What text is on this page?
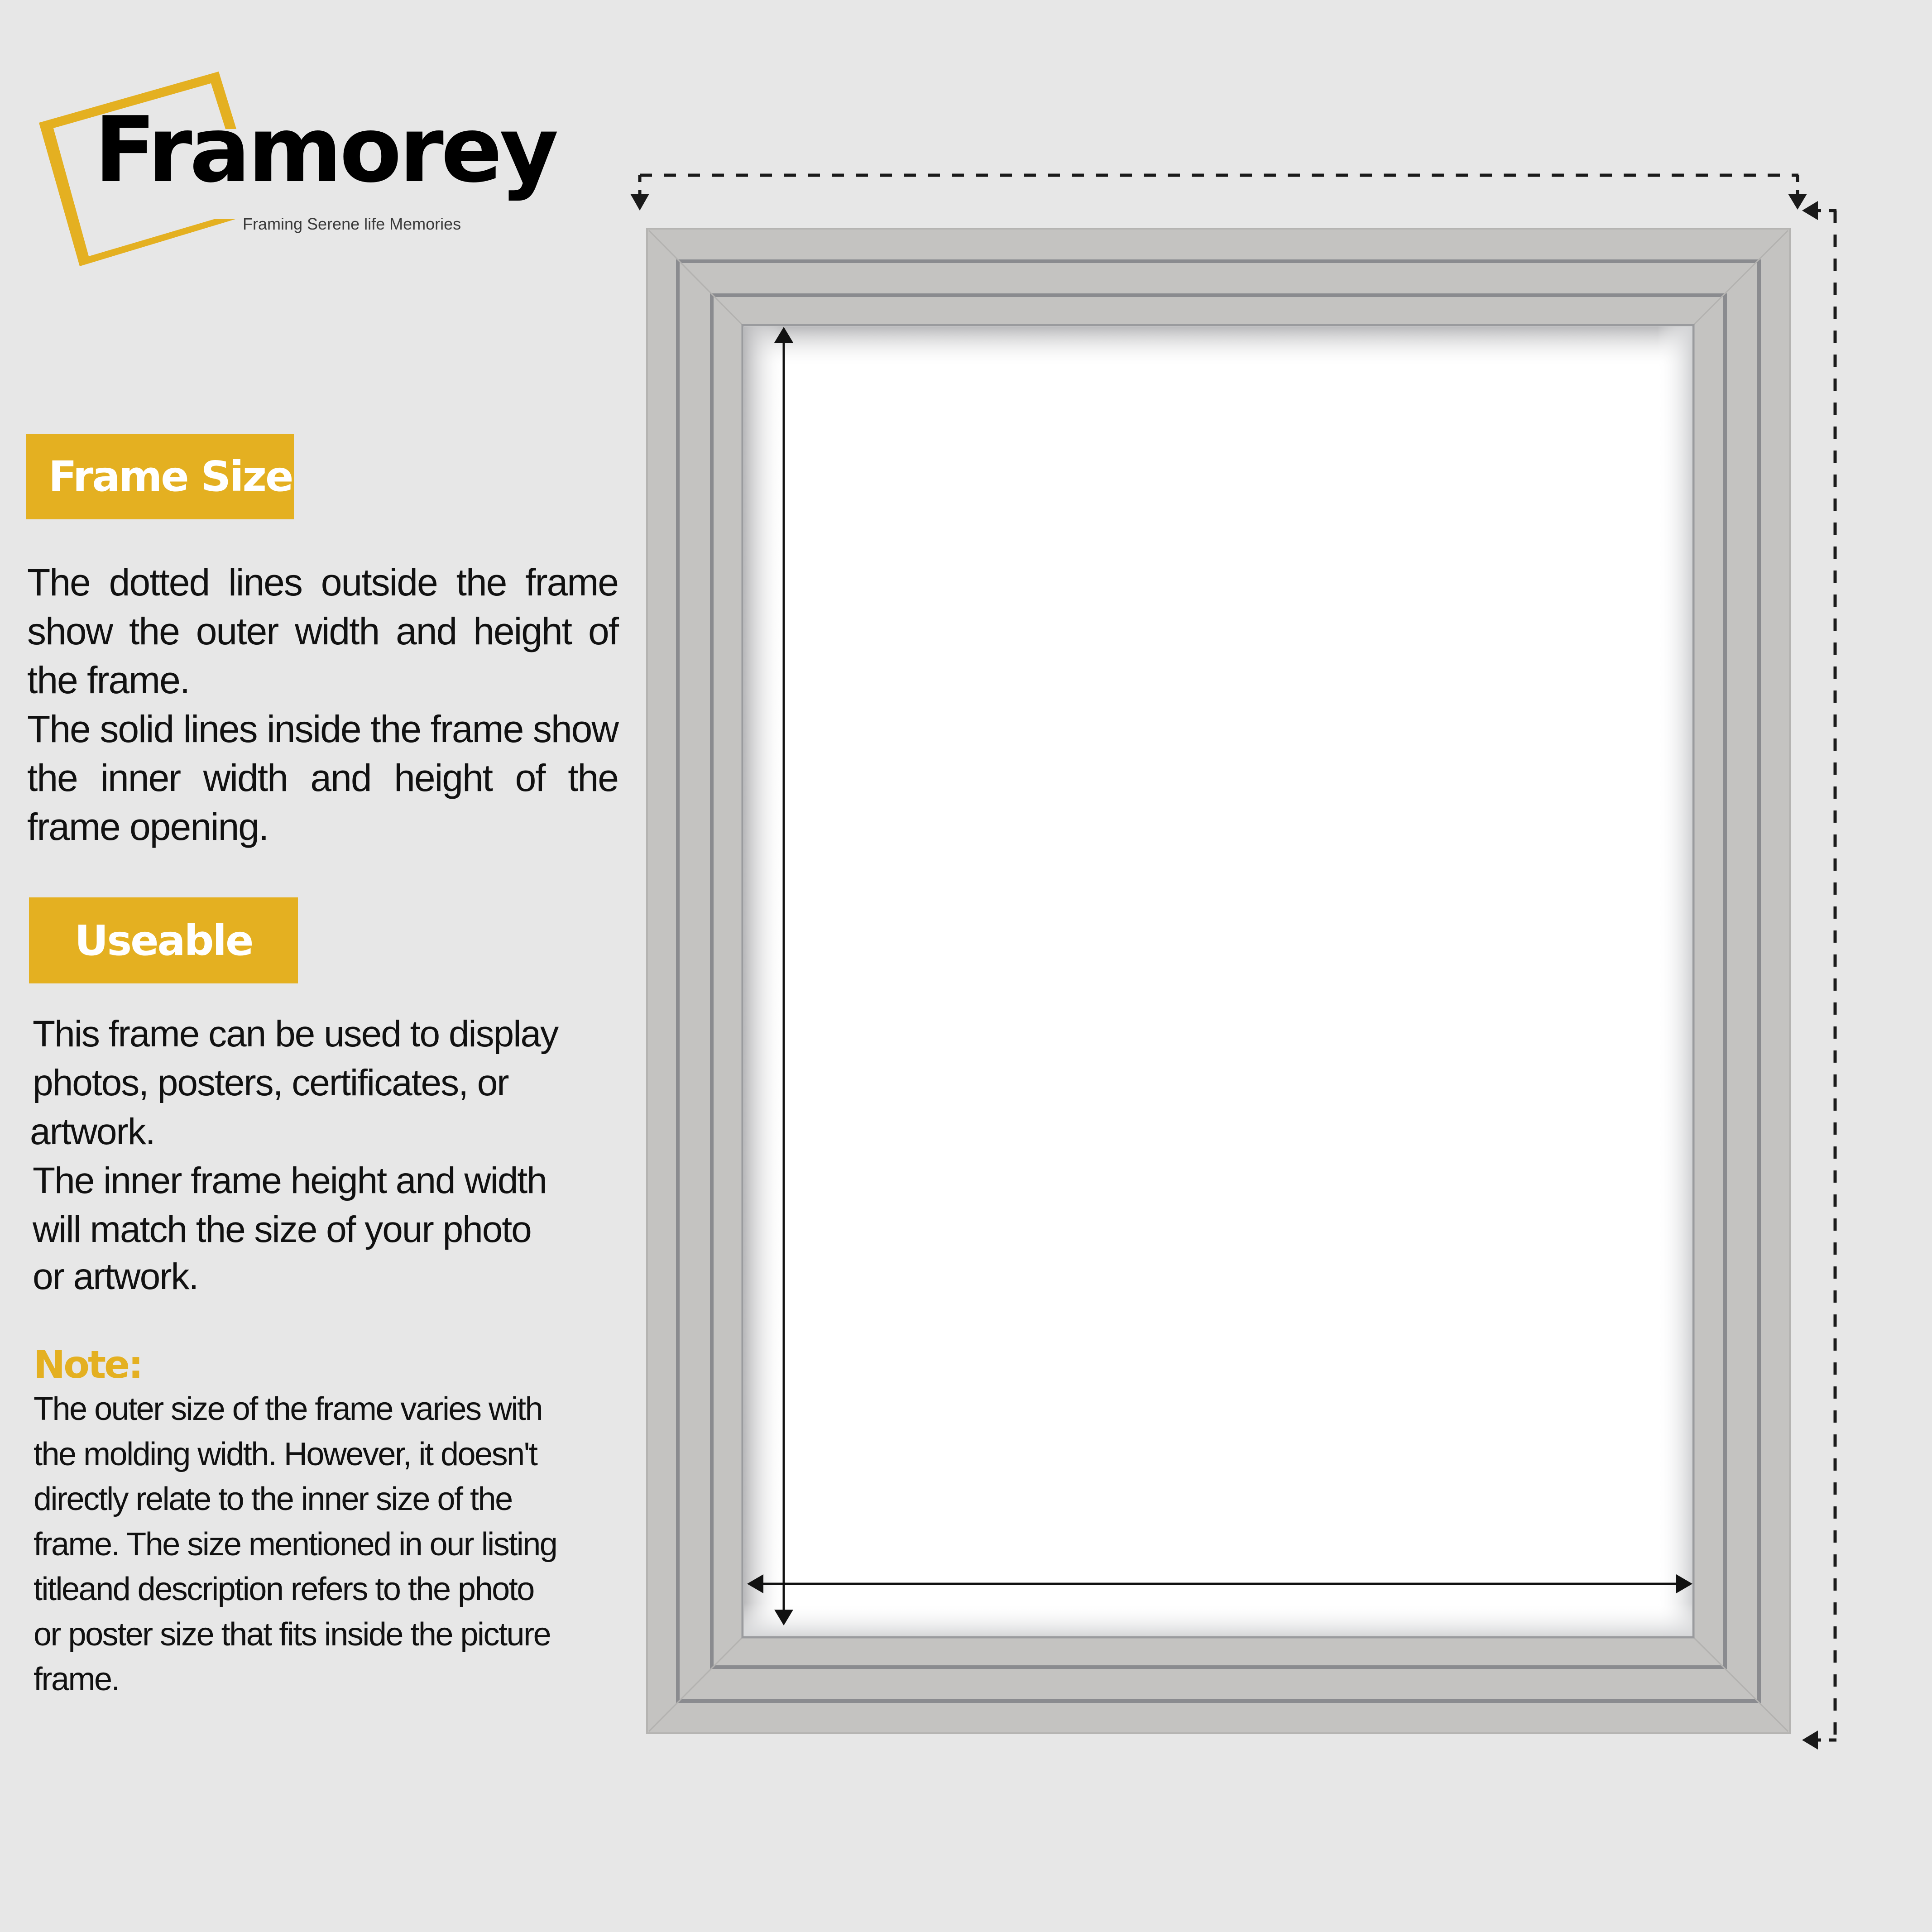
Framorey
Framing Serene life Memories
Frame Size
The dotted lines outside the frame
show the outer width and height of
the frame.
The solid lines inside the frame show
the inner width and height of the
frame opening.
Useable
This frame can be used to display
photos, posters, certificates, or
artwork.
The inner frame height and width
will match the size of your photo
or artwork.
Note:
The outer size of the frame varies with
the molding width. However, it doesn't
directly relate to the inner size of the
frame. The size mentioned in our listing
titleand description refers to the photo
or poster size that fits inside the picture
frame.
